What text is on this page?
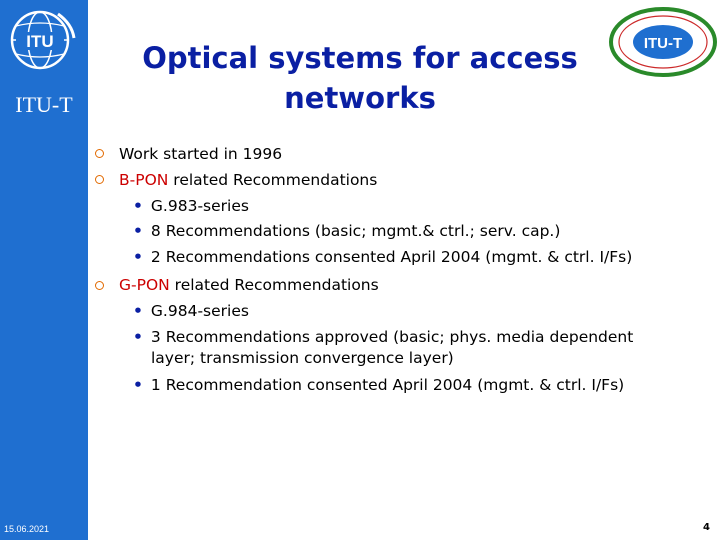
ITU
ITU-T
15.06.2021
Optical systems for access
networks
ITU-T
Work started in 1996
B-PON related Recommendations
• G.983-series
• 8 Recommendations (basic; mgmt.& ctrl.; serv. cap.)
• 2 Recommendations consented April 2004 (mgmt. & ctrl. I/Fs)
G-PON related Recommendations
• G.984-series
• 3 Recommendations approved (basic; phys. media dependent
layer; transmission convergence layer)
• 1 Recommendation consented April 2004 (mgmt. & ctrl. I/Fs)
4
